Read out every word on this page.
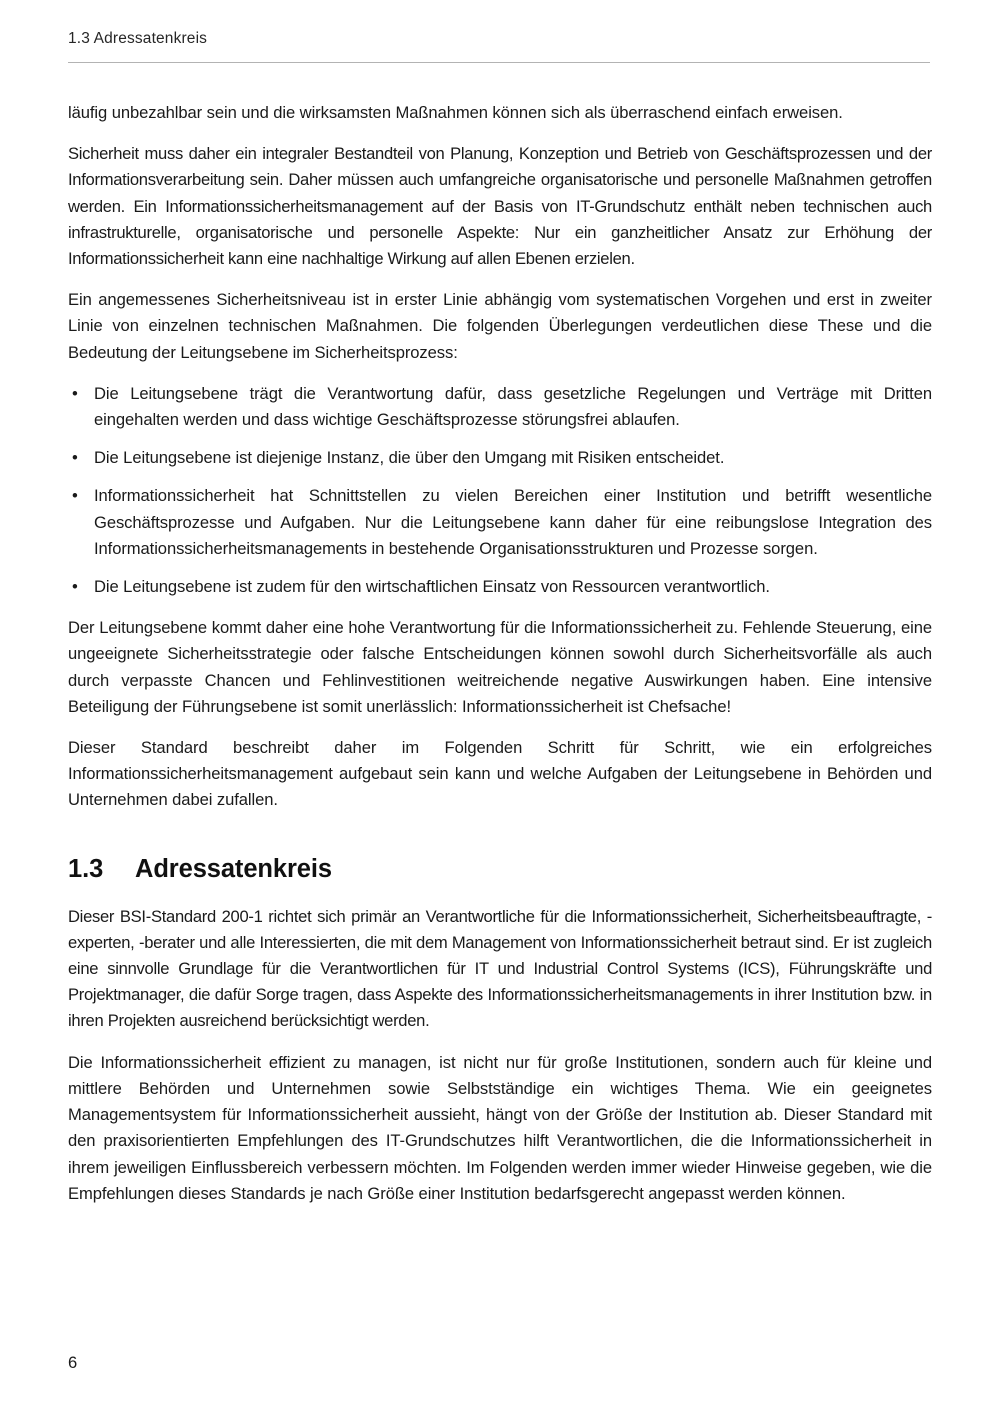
1.3 Adressatenkreis

läufig unbezahlbar sein und die wirksamsten Maßnahmen können sich als überraschend einfach erweisen.

Sicherheit muss daher ein integraler Bestandteil von Planung, Konzeption und Betrieb von Geschäftsprozessen und der Informationsverarbeitung sein. Daher müssen auch umfangreiche organisatorische und personelle Maßnahmen getroffen werden. Ein Informationssicherheitsmanagement auf der Basis von IT-Grundschutz enthält neben technischen auch infrastrukturelle, organisatorische und personelle Aspekte: Nur ein ganzheitlicher Ansatz zur Erhöhung der Informationssicherheit kann eine nachhaltige Wirkung auf allen Ebenen erzielen.

Ein angemessenes Sicherheitsniveau ist in erster Linie abhängig vom systematischen Vorgehen und erst in zweiter Linie von einzelnen technischen Maßnahmen. Die folgenden Überlegungen verdeutlichen diese These und die Bedeutung der Leitungsebene im Sicherheitsprozess:

• Die Leitungsebene trägt die Verantwortung dafür, dass gesetzliche Regelungen und Verträge mit Dritten eingehalten werden und dass wichtige Geschäftsprozesse störungsfrei ablaufen.
• Die Leitungsebene ist diejenige Instanz, die über den Umgang mit Risiken entscheidet.
• Informationssicherheit hat Schnittstellen zu vielen Bereichen einer Institution und betrifft wesentliche Geschäftsprozesse und Aufgaben. Nur die Leitungsebene kann daher für eine reibungslose Integration des Informationssicherheitsmanagements in bestehende Organisationsstrukturen und Prozesse sorgen.
• Die Leitungsebene ist zudem für den wirtschaftlichen Einsatz von Ressourcen verantwortlich.

Der Leitungsebene kommt daher eine hohe Verantwortung für die Informationssicherheit zu. Fehlende Steuerung, eine ungeeignete Sicherheitsstrategie oder falsche Entscheidungen können sowohl durch Sicherheitsvorfälle als auch durch verpasste Chancen und Fehlinvestitionen weitreichende negative Auswirkungen haben. Eine intensive Beteiligung der Führungsebene ist somit unerlässlich: Informationssicherheit ist Chefsache!

Dieser Standard beschreibt daher im Folgenden Schritt für Schritt, wie ein erfolgreiches Informationssicherheitsmanagement aufgebaut sein kann und welche Aufgaben der Leitungsebene in Behörden und Unternehmen dabei zufallen.

1.3	Adressatenkreis

Dieser BSI-Standard 200-1 richtet sich primär an Verantwortliche für die Informationssicherheit, Sicherheitsbeauftragte, -experten, -berater und alle Interessierten, die mit dem Management von Informationssicherheit betraut sind. Er ist zugleich eine sinnvolle Grundlage für die Verantwortlichen für IT und Industrial Control Systems (ICS), Führungskräfte und Projektmanager, die dafür Sorge tragen, dass Aspekte des Informationssicherheitsmanagements in ihrer Institution bzw. in ihren Projekten ausreichend berücksichtigt werden.

Die Informationssicherheit effizient zu managen, ist nicht nur für große Institutionen, sondern auch für kleine und mittlere Behörden und Unternehmen sowie Selbstständige ein wichtiges Thema. Wie ein geeignetes Managementsystem für Informationssicherheit aussieht, hängt von der Größe der Institution ab. Dieser Standard mit den praxisorientierten Empfehlungen des IT-Grundschutzes hilft Verantwortlichen, die die Informationssicherheit in ihrem jeweiligen Einflussbereich verbessern möchten. Im Folgenden werden immer wieder Hinweise gegeben, wie die Empfehlungen dieses Standards je nach Größe einer Institution bedarfsgerecht angepasst werden können.

6
